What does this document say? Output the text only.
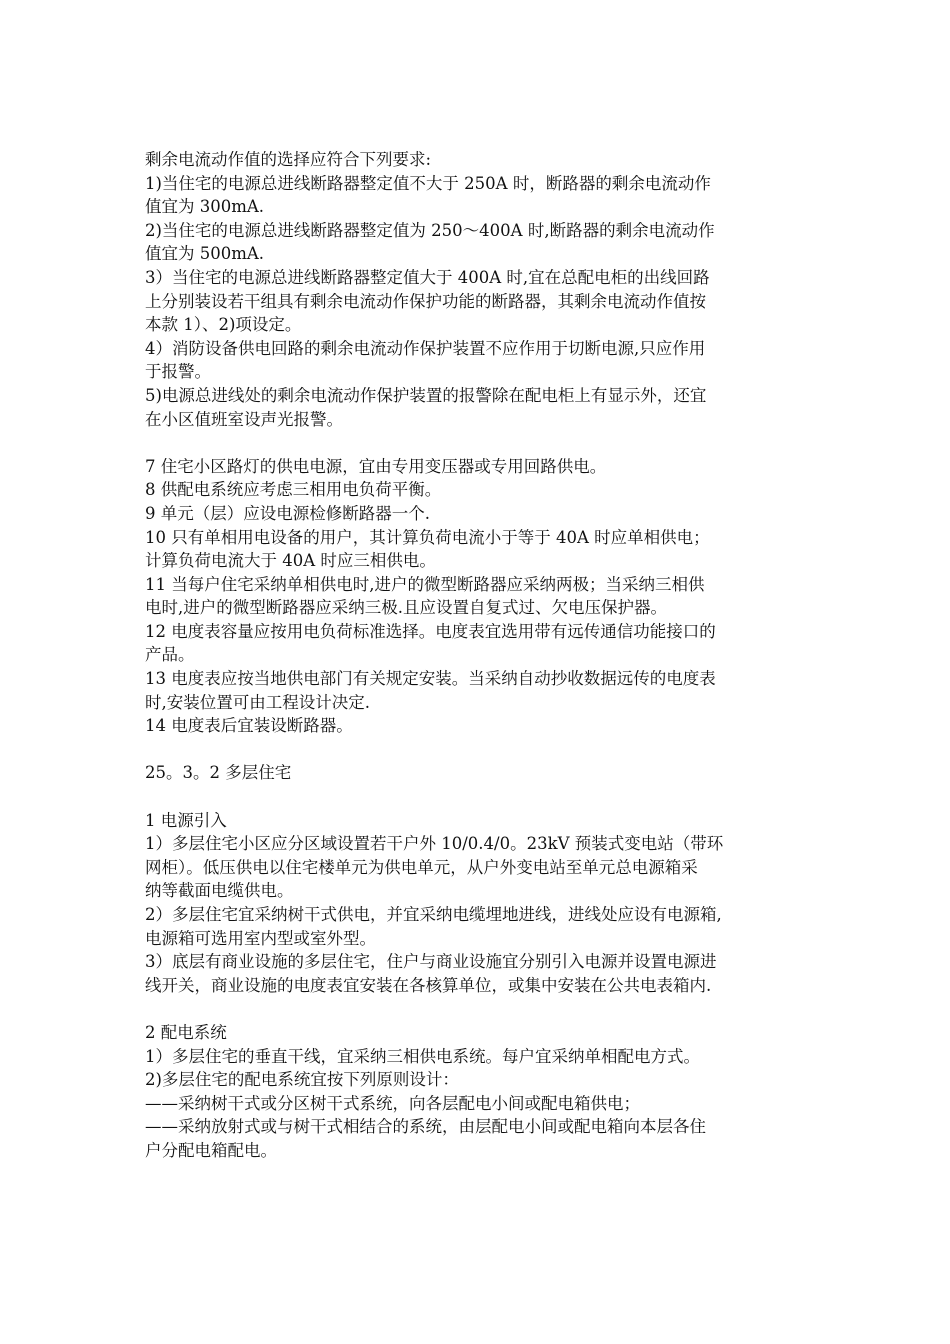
剩余电流动作值的选择应符合下列要求:
1)当住宅的电源总进线断路器整定值不大于 250A 时，断路器的剩余电流动作
值宜为 300mA.
2)当住宅的电源总进线断路器整定值为 250～400A 时,断路器的剩余电流动作
值宜为 500mA.
3）当住宅的电源总进线断路器整定值大于 400A 时,宜在总配电柜的出线回路
上分别装设若干组具有剩余电流动作保护功能的断路器，其剩余电流动作值按
本款 1）、2)项设定。
4）消防设备供电回路的剩余电流动作保护装置不应作用于切断电源,只应作用
于报警。
5)电源总进线处的剩余电流动作保护装置的报警除在配电柜上有显示外，还宜
在小区值班室设声光报警。
7 住宅小区路灯的供电电源，宜由专用变压器或专用回路供电。
8 供配电系统应考虑三相用电负荷平衡。
9 单元（层）应设电源检修断路器一个.
10 只有单相用电设备的用户，其计算负荷电流小于等于 40A 时应单相供电；
计算负荷电流大于 40A 时应三相供电。
11 当每户住宅采纳单相供电时,进户的微型断路器应采纳两极；当采纳三相供
电时,进户的微型断路器应采纳三极.且应设置自复式过、欠电压保护器。
12 电度表容量应按用电负荷标准选择。电度表宜选用带有远传通信功能接口的
产品。
13 电度表应按当地供电部门有关规定安装。当采纳自动抄收数据远传的电度表
时,安装位置可由工程设计决定.
14 电度表后宜装设断路器。
25。3。2 多层住宅
1 电源引入
1）多层住宅小区应分区域设置若干户外 10/0.4/0。23kV 预装式变电站（带环
网柜）。低压供电以住宅楼单元为供电单元，从户外变电站至单元总电源箱采
纳等截面电缆供电。
2）多层住宅宜采纳树干式供电，并宜采纳电缆埋地进线，进线处应设有电源箱,
电源箱可选用室内型或室外型。
3）底层有商业设施的多层住宅，住户与商业设施宜分别引入电源并设置电源进
线开关，商业设施的电度表宜安装在各核算单位，或集中安装在公共电表箱内.
2 配电系统
1）多层住宅的垂直干线，宜采纳三相供电系统。每户宜采纳单相配电方式。
2)多层住宅的配电系统宜按下列原则设计：
——采纳树干式或分区树干式系统，向各层配电小间或配电箱供电；
——采纳放射式或与树干式相结合的系统，由层配电小间或配电箱向本层各住
户分配电箱配电。
